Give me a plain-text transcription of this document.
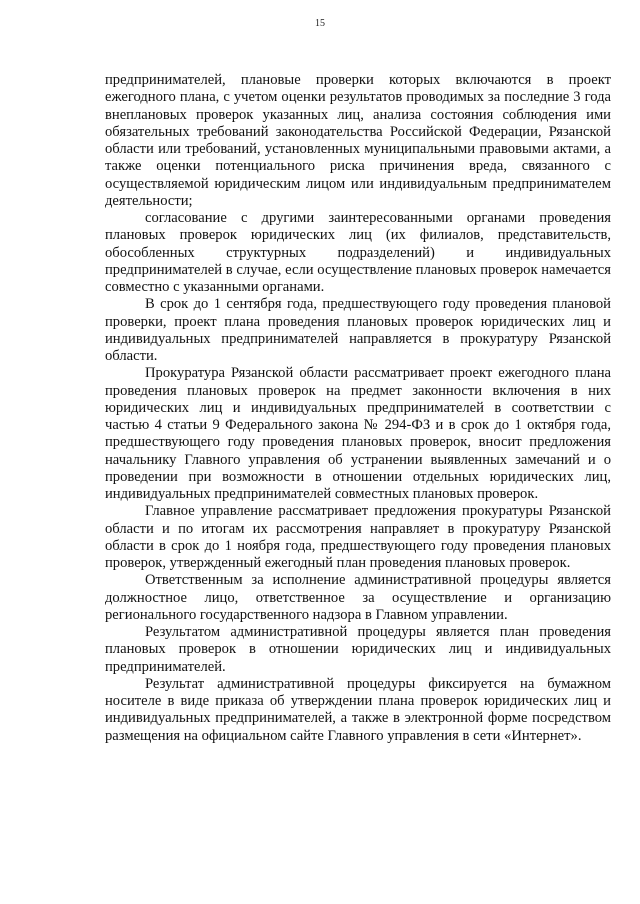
15

предпринимателей, плановые проверки которых включаются в проект ежегодного плана, с учетом оценки результатов проводимых за последние 3 года внеплановых проверок указанных лиц, анализа состояния соблюдения ими обязательных требований законодательства Российской Федерации, Рязанской области или требований, установленных муниципальными правовыми актами, а также оценки потенциального риска причинения вреда, связанного с осуществляемой юридическим лицом или индивидуальным предпринимателем деятельности;

согласование с другими заинтересованными органами проведения плановых проверок юридических лиц (их филиалов, представительств, обособленных структурных подразделений) и индивидуальных предпринимателей в случае, если осуществление плановых проверок намечается совместно с указанными органами.

В срок до 1 сентября года, предшествующего году проведения плановой проверки, проект плана проведения плановых проверок юридических лиц и индивидуальных предпринимателей направляется в прокуратуру Рязанской области.

Прокуратура Рязанской области рассматривает проект ежегодного плана проведения плановых проверок на предмет законности включения в них юридических лиц и индивидуальных предпринимателей в соответствии с частью 4 статьи 9 Федерального закона № 294-ФЗ и в срок до 1 октября года, предшествующего году проведения плановых проверок, вносит предложения начальнику Главного управления об устранении выявленных замечаний и о проведении при возможности в отношении отдельных юридических лиц, индивидуальных предпринимателей совместных плановых проверок.

Главное управление рассматривает предложения прокуратуры Рязанской области и по итогам их рассмотрения направляет в прокуратуру Рязанской области в срок до 1 ноября года, предшествующего году проведения плановых проверок, утвержденный ежегодный план проведения плановых проверок.

Ответственным за исполнение административной процедуры является должностное лицо, ответственное за осуществление и организацию регионального государственного надзора в Главном управлении.

Результатом административной процедуры является план проведения плановых проверок в отношении юридических лиц и индивидуальных предпринимателей.

Результат административной процедуры фиксируется на бумажном носителе в виде приказа об утверждении плана проверок юридических лиц и индивидуальных предпринимателей, а также в электронной форме посредством размещения на официальном сайте Главного управления в сети «Интернет».
